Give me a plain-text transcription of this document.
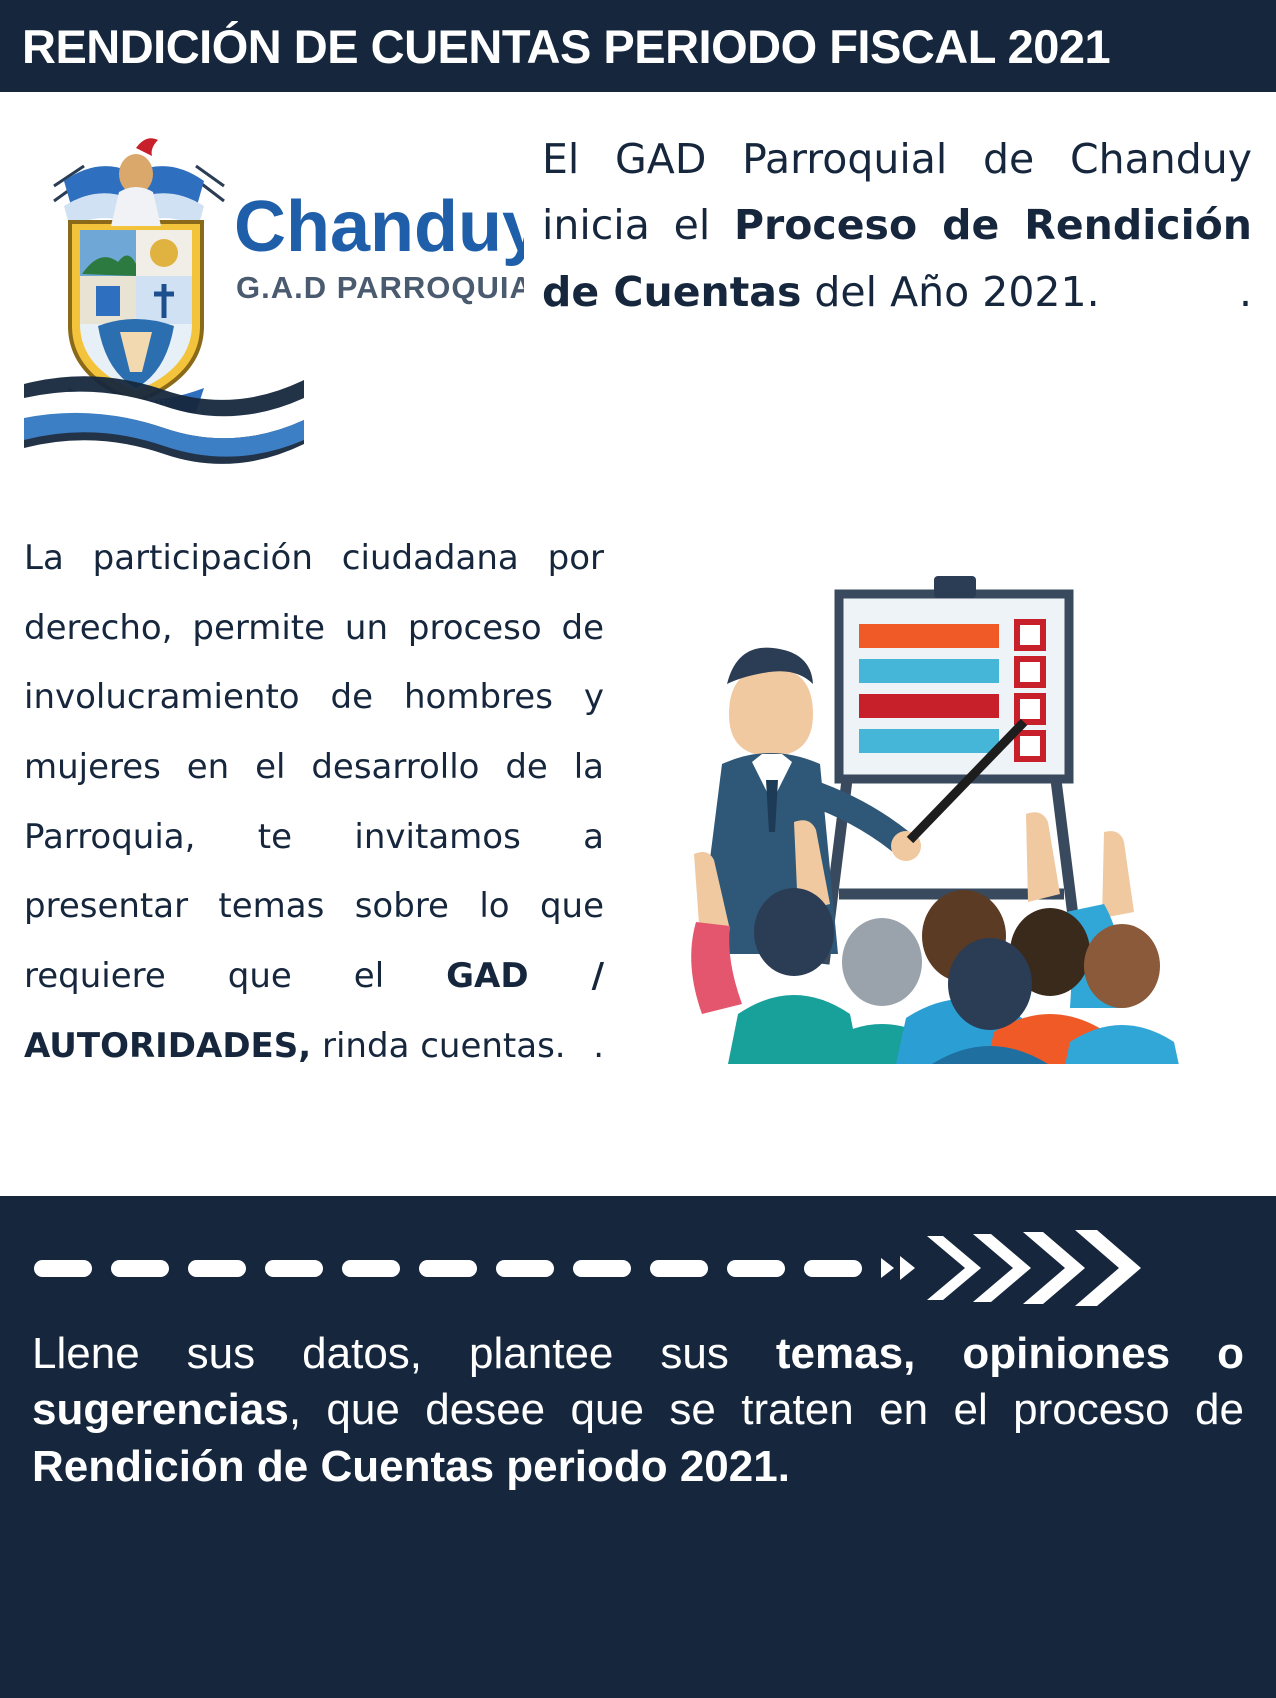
RENDICIÓN DE CUENTAS PERIODO FISCAL 2021
Chanduy
G.A.D PARROQUIAL
El GAD Parroquial de Chanduy inicia el Proceso de Rendición de Cuentas del Año 2021.	.
La participación ciudadana por derecho, permite un proceso de involucramiento de hombres y mujeres en el desarrollo de la Parroquia, te invitamos a presentar temas sobre lo que requiere que el GAD / AUTORIDADES, rinda cuentas. .
Llene sus datos, plantee sus temas, opiniones o sugerencias, que desee que se traten en el proceso de Rendición de Cuentas periodo 2021.
